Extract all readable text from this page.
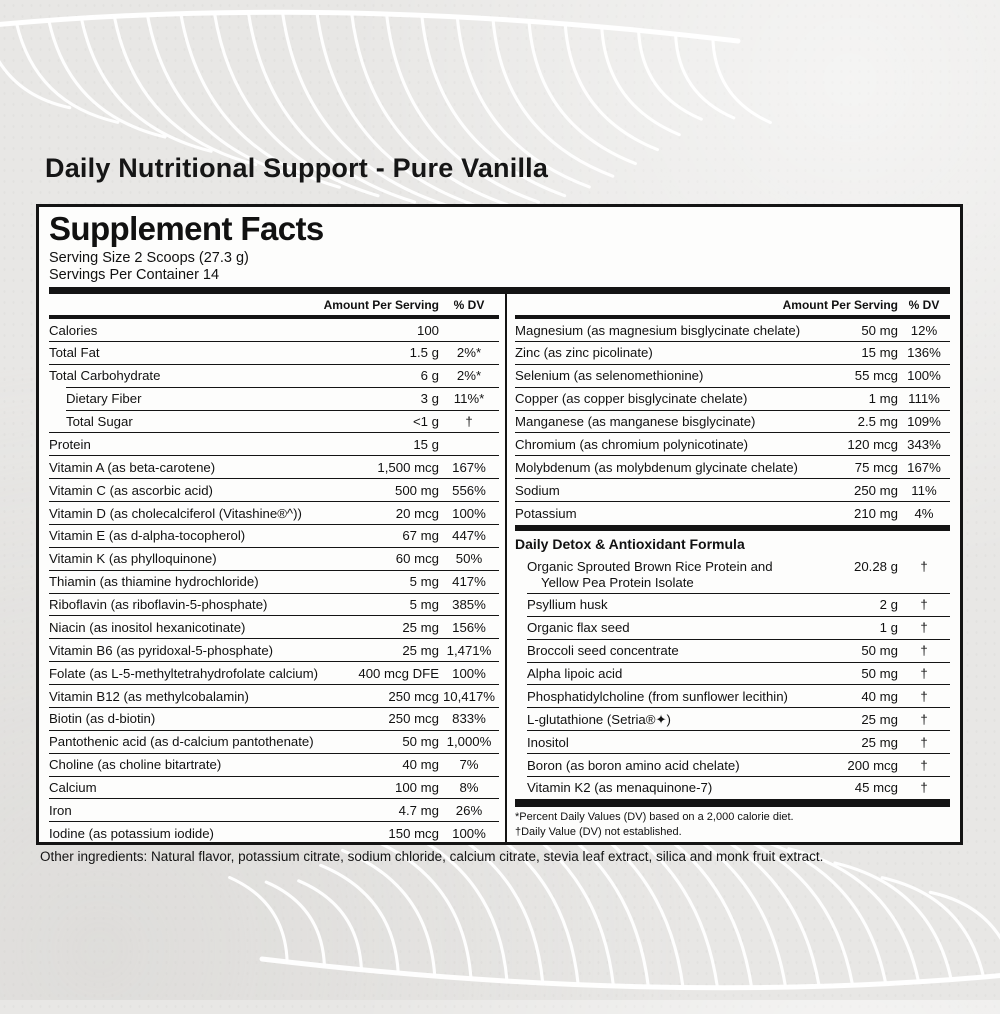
Daily Nutritional Support - Pure Vanilla
Supplement Facts
Serving Size 2 Scoops (27.3 g)
Servings Per Container 14
Amount Per Serving	% DV
Calories	100
Total Fat	1.5 g	2%*
Total Carbohydrate	6 g	2%*
Dietary Fiber	3 g	11%*
Total Sugar	<1 g	†
Protein	15 g
Vitamin A (as beta-carotene)	1,500 mcg 167%
Vitamin C (as ascorbic acid)	500 mg 556%
Vitamin D (as cholecalciferol (Vitashine®^))	20 mcg 100%
Vitamin E (as d-alpha-tocopherol)	67 mg 447%
Vitamin K (as phylloquinone)	60 mcg	50%
Thiamin (as thiamine hydrochloride)	5 mg 417%
Riboflavin (as riboflavin-5-phosphate)	5 mg 385%
Niacin (as inositol hexanicotinate)	25 mg 156%
Vitamin B6 (as pyridoxal-5-phosphate)	25 mg 1,471%
Folate (as L-5-methyltetrahydrofolate calcium)	400 mcg DFE 100%
Vitamin B12 (as methylcobalamin)	250 mcg 10,417%
Biotin (as d-biotin)	250 mcg 833%
Pantothenic acid (as d-calcium pantothenate)	50 mg 1,000%
Choline (as choline bitartrate)	40 mg	7%
Calcium	100 mg	8%
Iron	4.7 mg	26%
Iodine (as potassium iodide)	150 mcg 100%
Amount Per Serving % DV
Magnesium (as magnesium bisglycinate chelate)	50 mg 12%
Zinc (as zinc picolinate)	15 mg 136%
Selenium (as selenomethionine)	55 mcg 100%
Copper (as copper bisglycinate chelate)	1 mg 111%
Manganese (as manganese bisglycinate)	2.5 mg 109%
Chromium (as chromium polynicotinate)	120 mcg 343%
Molybdenum (as molybdenum glycinate chelate)	75 mcg 167%
Sodium	250 mg	11%
Potassium	210 mg	4%
Daily Detox & Antioxidant Formula
Organic Sprouted Brown Rice Protein and
Yellow Pea Protein Isolate
20.28 g	†
Psyllium husk	2 g	†
Organic flax seed	1 g	†
Broccoli seed concentrate	50 mg	†
Alpha lipoic acid	50 mg	†
Phosphatidylcholine (from sunflower lecithin)	40 mg	†
L-glutathione (Setria®✦)	25 mg	†
Inositol	25 mg	†
Boron (as boron amino acid chelate)	200 mcg	†
Vitamin K2 (as menaquinone-7)	45 mcg	†
*Percent Daily Values (DV) based on a 2,000 calorie diet.
†Daily Value (DV) not established.
Other ingredients: Natural flavor, potassium citrate, sodium chloride, calcium citrate, stevia leaf extract, silica and monk fruit extract.
